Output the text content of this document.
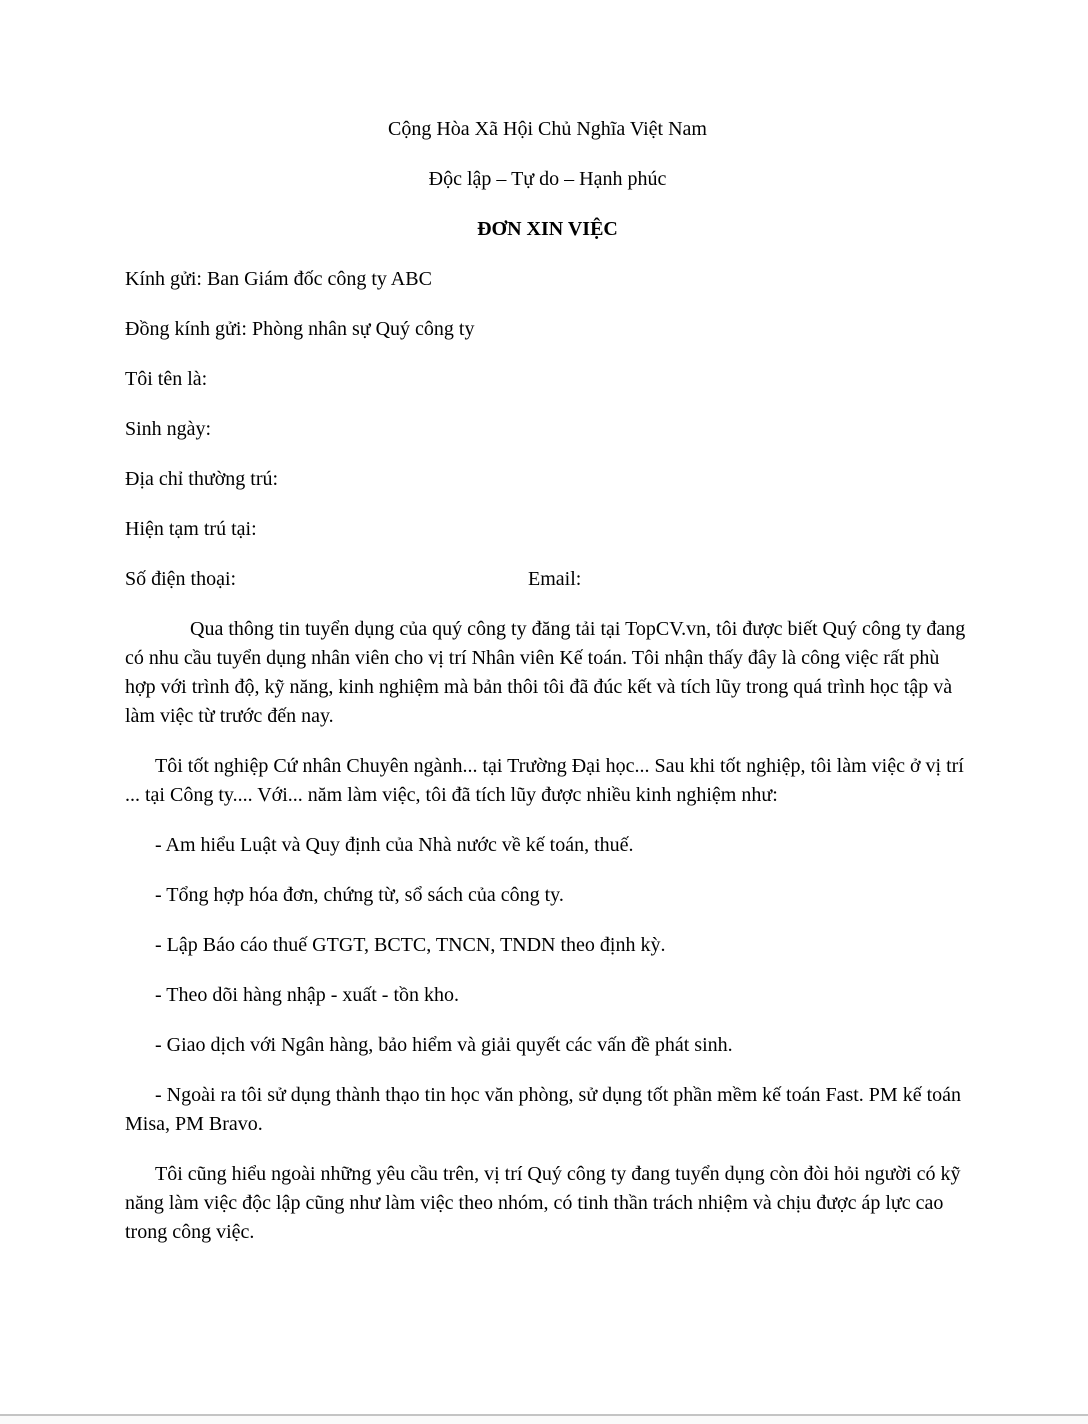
Cộng Hòa Xã Hội Chủ Nghĩa Việt Nam

Độc lập – Tự do – Hạnh phúc

ĐƠN XIN VIỆC

Kính gửi: Ban Giám đốc công ty ABC

Đồng kính gửi: Phòng nhân sự Quý công ty

Tôi tên là:

Sinh ngày:

Địa chỉ thường trú:

Hiện tạm trú tại:

Số điện thoại:	Email:

Qua thông tin tuyển dụng của quý công ty đăng tải tại TopCV.vn, tôi được biết Quý công ty đang có nhu cầu tuyển dụng nhân viên cho vị trí Nhân viên Kế toán. Tôi nhận thấy đây là công việc rất phù hợp với trình độ, kỹ năng, kinh nghiệm mà bản thôi tôi đã đúc kết và tích lũy trong quá trình học tập và làm việc từ trước đến nay.

Tôi tốt nghiệp Cứ nhân Chuyên ngành... tại Trường Đại học... Sau khi tốt nghiệp, tôi làm việc ở vị trí ... tại Công ty.... Với... năm làm việc, tôi đã tích lũy được nhiều kinh nghiệm như:

- Am hiểu Luật và Quy định của Nhà nước về kế toán, thuế.

- Tổng hợp hóa đơn, chứng từ, sổ sách của công ty.

- Lập Báo cáo thuế GTGT, BCTC, TNCN, TNDN theo định kỳ.

- Theo dõi hàng nhập - xuất - tồn kho.

- Giao dịch với Ngân hàng, bảo hiểm và giải quyết các vấn đề phát sinh.

- Ngoài ra tôi sử dụng thành thạo tin học văn phòng, sử dụng tốt phần mềm kế toán Fast. PM kế toán Misa, PM Bravo.

Tôi cũng hiểu ngoài những yêu cầu trên, vị trí Quý công ty đang tuyển dụng còn đòi hỏi người có kỹ năng làm việc độc lập cũng như làm việc theo nhóm, có tinh thần trách nhiệm và chịu được áp lực cao trong công việc.
